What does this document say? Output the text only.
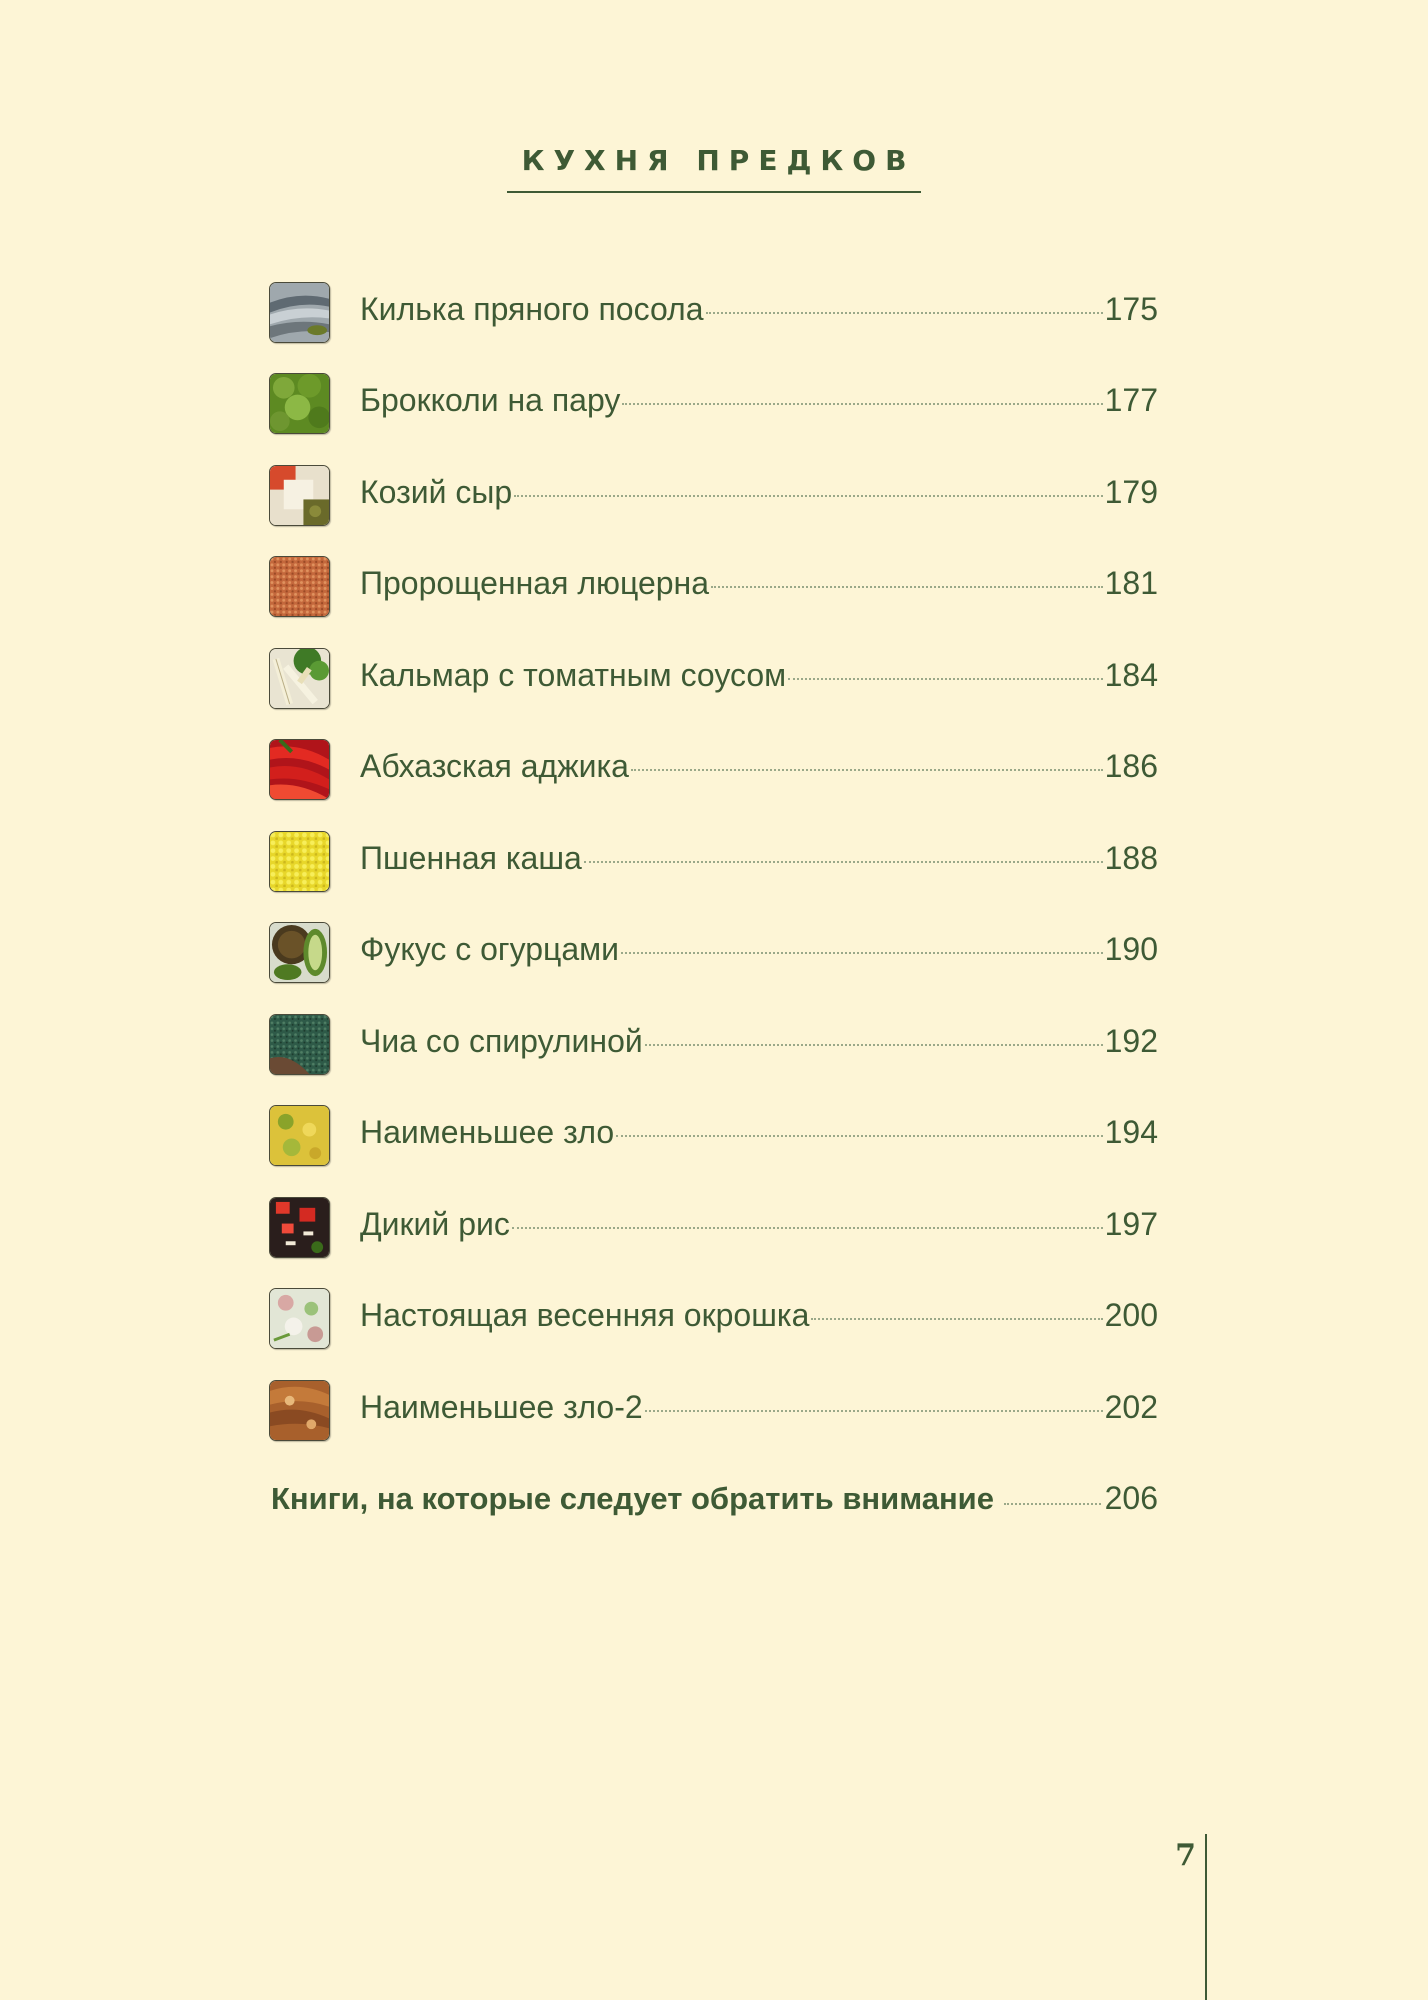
КУХНЯ ПРЕДКОВ
Килька пряного посола	175
Брокколи на пару	177
Козий сыр	179
Пророщенная люцерна	181
Кальмар с томатным соусом	184
Абхазская аджика	186
Пшенная каша	188
Фукус с огурцами	190
Чиа со спирулиной	192
Наименьшее зло	194
Дикий рис	197
Настоящая весенняя окрошка	200
Наименьшее зло-2	202
Книги, на которые следует обратить внимание	206
7
